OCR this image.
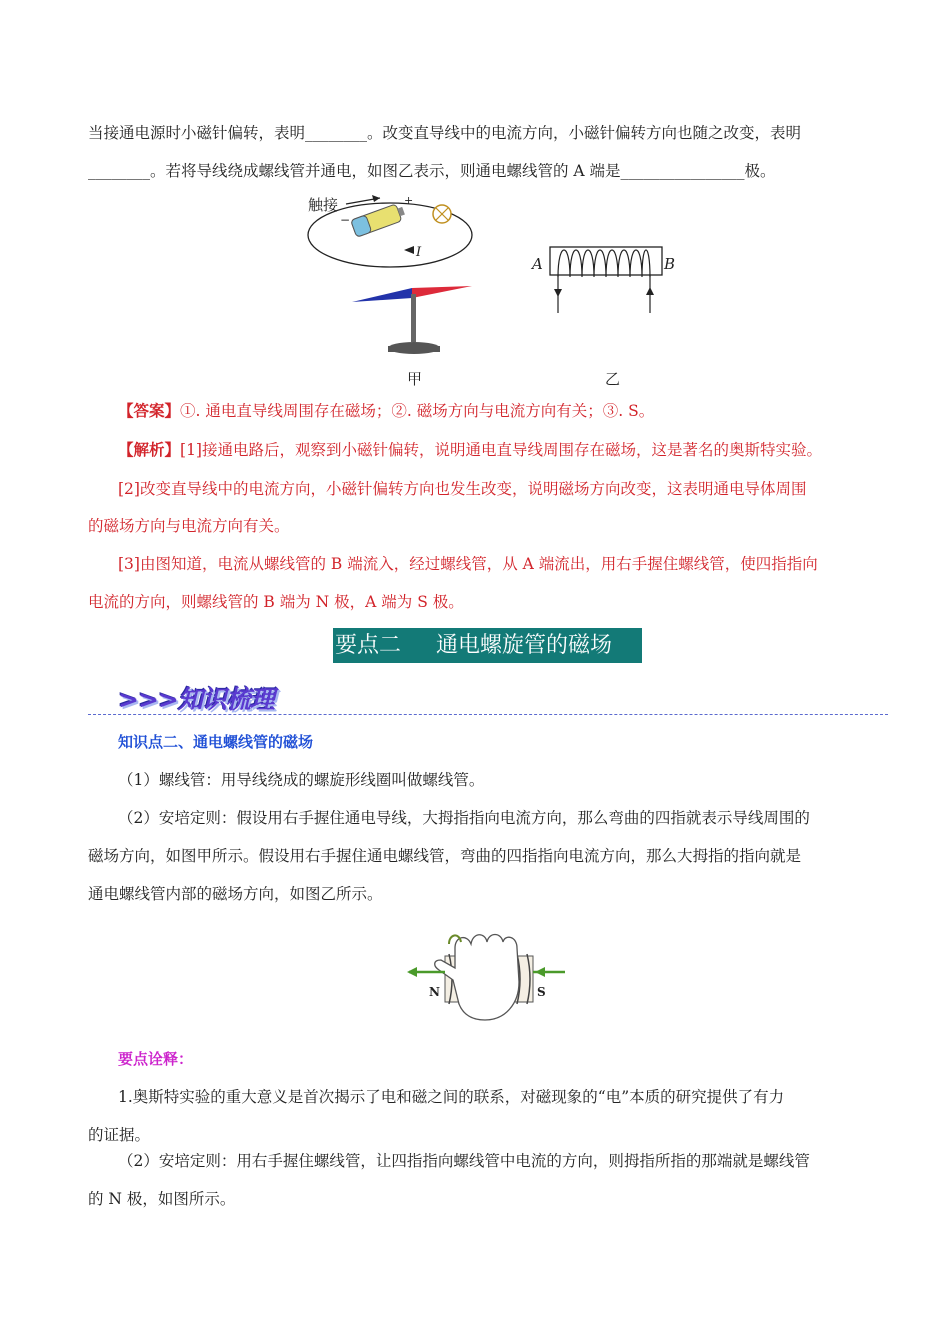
当接通电源时小磁针偏转，表明________。改变直导线中的电流方向，小磁针偏转方向也随之改变，表明
________。若将导线绕成螺线管并通电，如图乙表示，则通电螺线管的 A 端是________________极。
触接	+
−
I
A	B
甲	乙
【答案】①. 通电直导线周围存在磁场；②. 磁场方向与电流方向有关；③. S。
【解析】[1]接通电路后，观察到小磁针偏转，说明通电直导线周围存在磁场，这是著名的奥斯特实验。
[2]改变直导线中的电流方向，小磁针偏转方向也发生改变，说明磁场方向改变，这表明通电导体周围
的磁场方向与电流方向有关。
[3]由图知道，电流从螺线管的 B 端流入，经过螺线管，从 A 端流出，用右手握住螺线管，使四指指向
电流的方向，则螺线管的 B 端为 N 极，A 端为 S 极。
要点二 通电螺旋管的磁场
>>>知识梳理
知识点二、通电螺线管的磁场
（1）螺线管：用导线绕成的螺旋形线圈叫做螺线管。
（2）安培定则：假设用右手握住通电导线，大拇指指向电流方向，那么弯曲的四指就表示导线周围的
磁场方向，如图甲所示。假设用右手握住通电螺线管，弯曲的四指指向电流方向，那么大拇指的指向就是
通电螺线管内部的磁场方向，如图乙所示。
N	S
要点诠释：
1.奥斯特实验的重大意义是首次揭示了电和磁之间的联系，对磁现象的“电”本质的研究提供了有力
的证据。
（2）安培定则：用右手握住螺线管，让四指指向螺线管中电流的方向，则拇指所指的那端就是螺线管
的 N 极，如图所示。
